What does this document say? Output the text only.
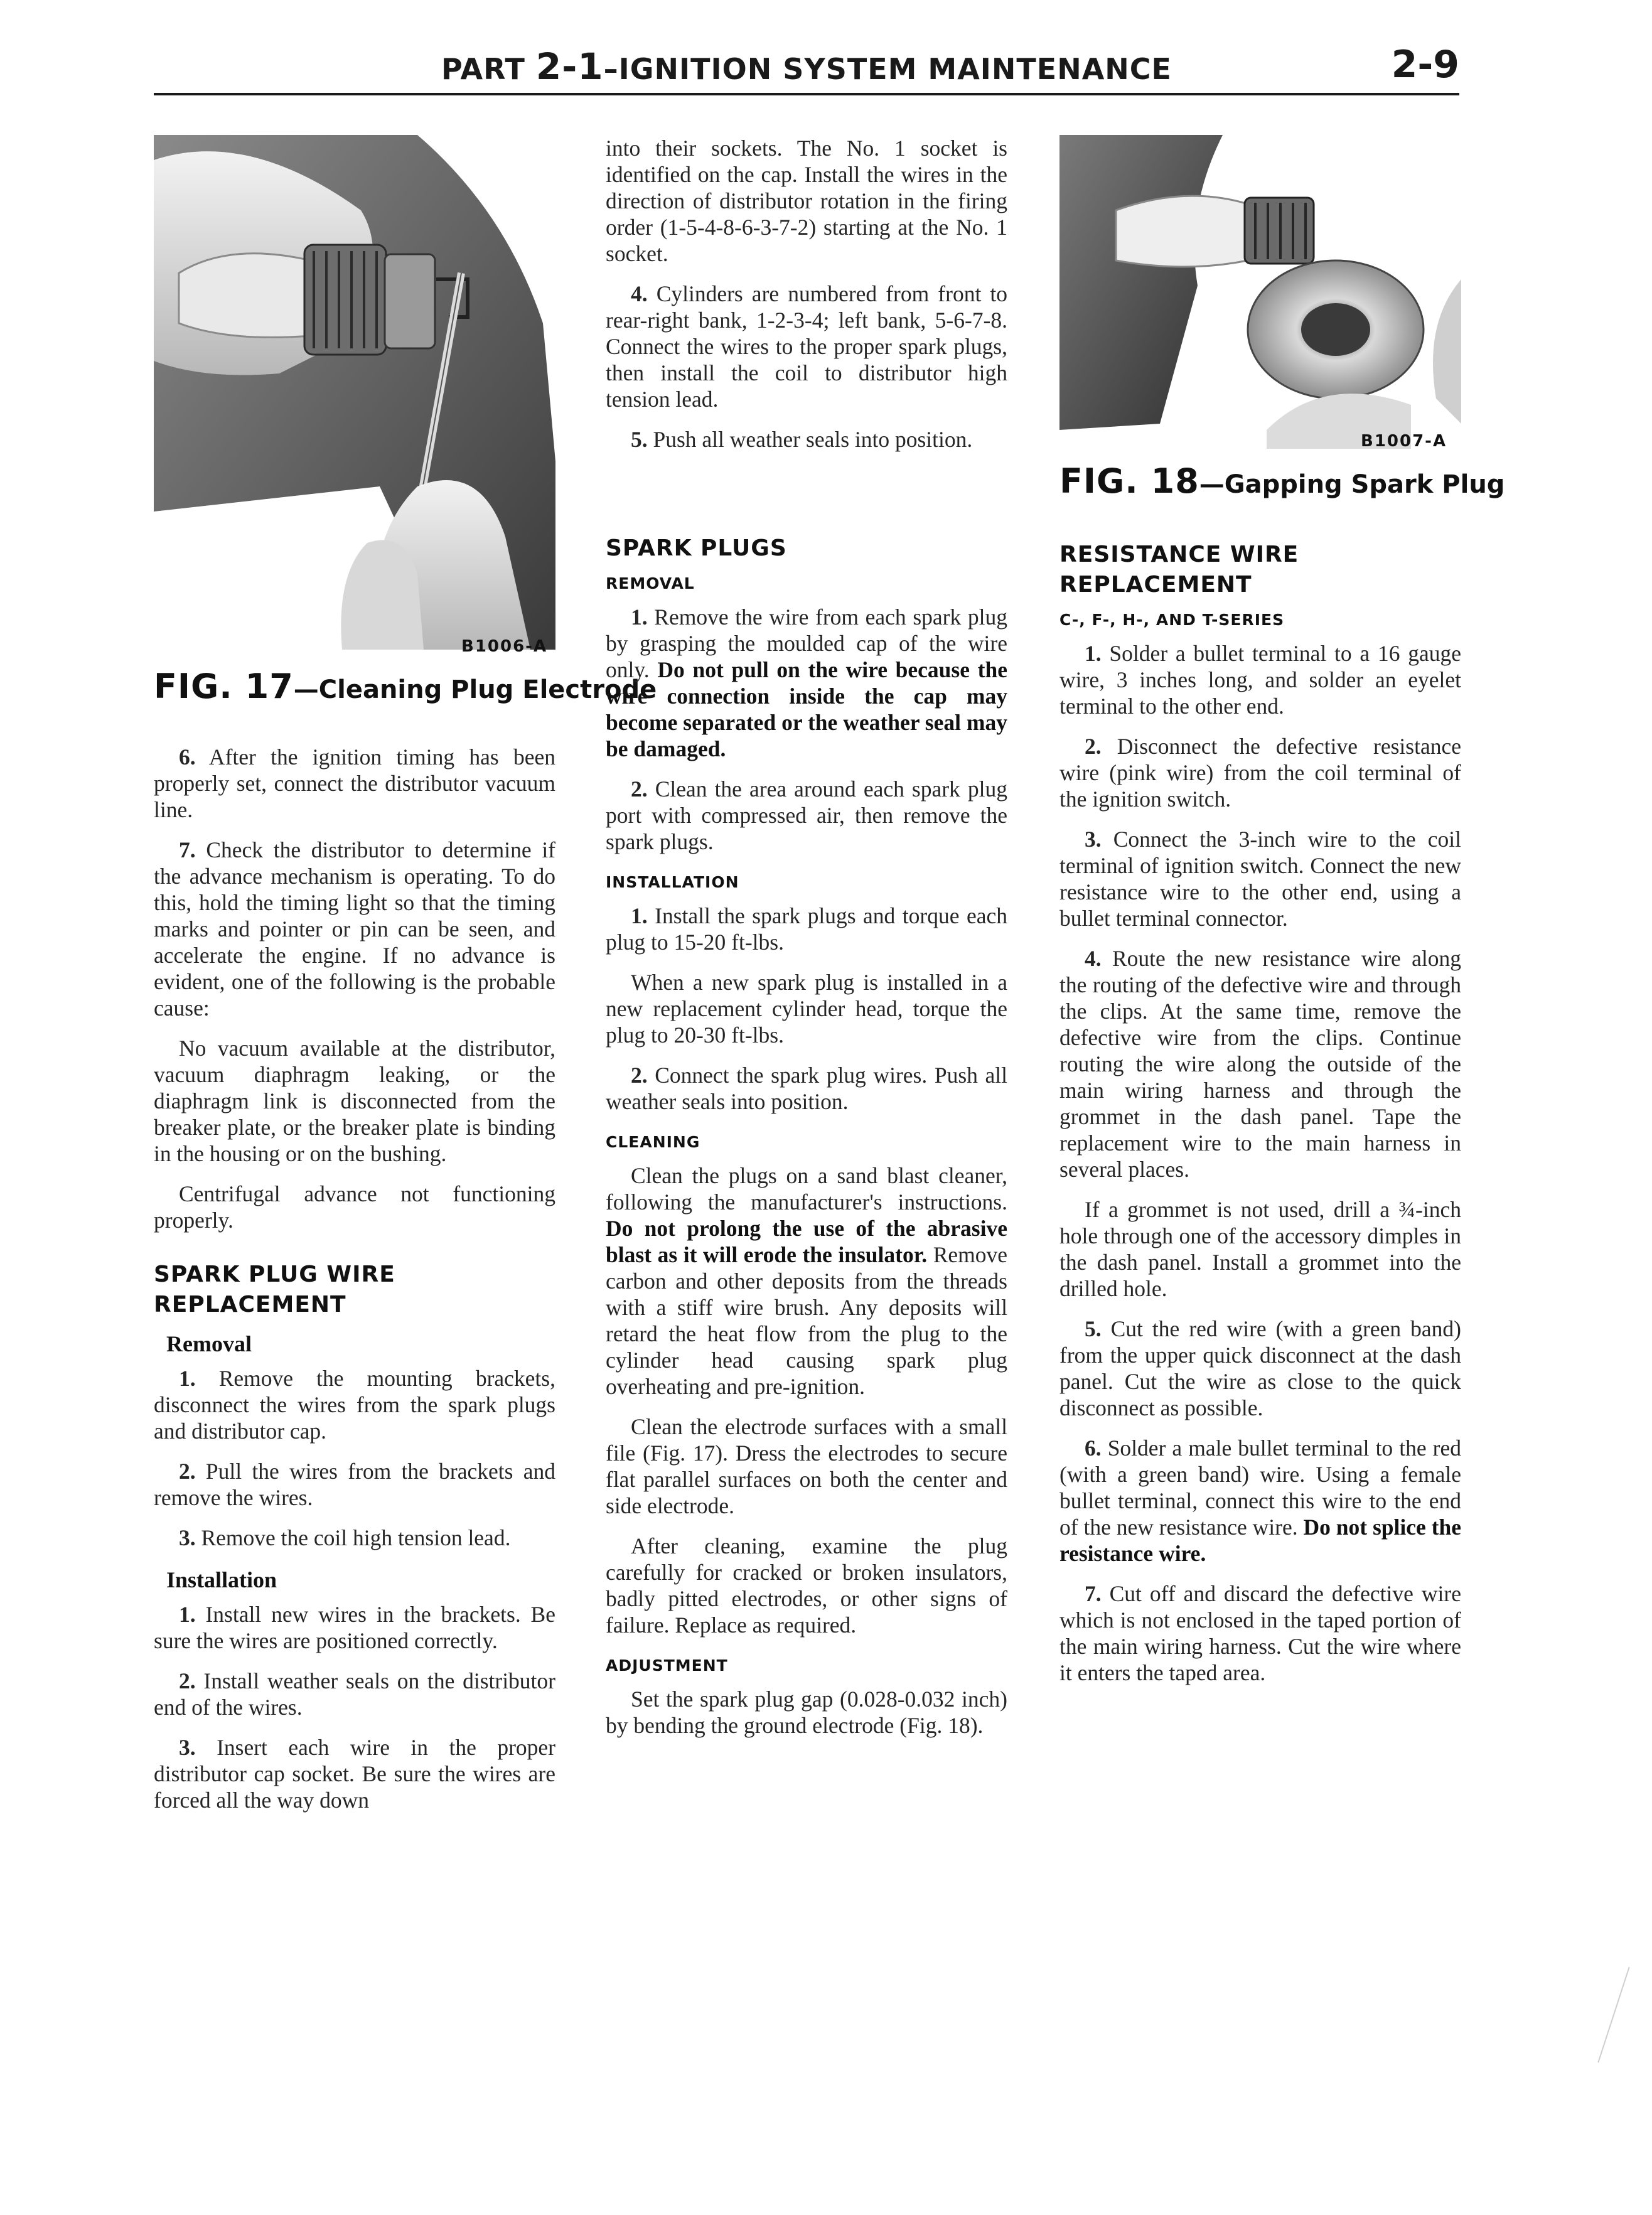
PART 2-1–IGNITION SYSTEM MAINTENANCE	2-9
B1006-A
FIG. 17—Cleaning Plug Electrode
B1007-A
FIG. 18—Gapping Spark Plug

6. After the ignition timing has been properly set, connect the distributor vacuum line.

7. Check the distributor to determine if the advance mechanism is operating. To do this, hold the timing light so that the timing marks and pointer or pin can be seen, and accelerate the engine. If no advance is evident, one of the following is the probable cause:

No vacuum available at the distributor, vacuum diaphragm leaking, or the diaphragm link is disconnected from the breaker plate, or the breaker plate is binding in the housing or on the bushing.

Centrifugal advance not functioning properly.

SPARK PLUG WIRE REPLACEMENT
Removal

1. Remove the mounting brackets, disconnect the wires from the spark plugs and distributor cap.

2. Pull the wires from the brackets and remove the wires.

3. Remove the coil high tension lead.

Installation

1. Install new wires in the brackets. Be sure the wires are positioned correctly.

2. Install weather seals on the distributor end of the wires.

3. Insert each wire in the proper distributor cap socket. Be sure the wires are forced all the way down

into their sockets. The No. 1 socket is identified on the cap. Install the wires in the direction of distributor rotation in the firing order (1-5-4-8-6-3-7-2) starting at the No. 1 socket.

4. Cylinders are numbered from front to rear-right bank, 1-2-3-4; left bank, 5-6-7-8. Connect the wires to the proper spark plugs, then install the coil to distributor high tension lead.

5. Push all weather seals into position.

SPARK PLUGS
REMOVAL

1. Remove the wire from each spark plug by grasping the moulded cap of the wire only. Do not pull on the wire because the wire connection inside the cap may become separated or the weather seal may be damaged.

2. Clean the area around each spark plug port with compressed air, then remove the spark plugs.

INSTALLATION

1. Install the spark plugs and torque each plug to 15-20 ft-lbs.

When a new spark plug is installed in a new replacement cylinder head, torque the plug to 20-30 ft-lbs.

2. Connect the spark plug wires. Push all weather seals into position.

CLEANING

Clean the plugs on a sand blast cleaner, following the manufacturer's instructions. Do not prolong the use of the abrasive blast as it will erode the insulator. Remove carbon and other deposits from the threads with a stiff wire brush. Any deposits will retard the heat flow from the plug to the cylinder head causing spark plug overheating and pre-ignition.

Clean the electrode surfaces with a small file (Fig. 17). Dress the electrodes to secure flat parallel surfaces on both the center and side electrode.

After cleaning, examine the plug carefully for cracked or broken insulators, badly pitted electrodes, or other signs of failure. Replace as required.

ADJUSTMENT

Set the spark plug gap (0.028-0.032 inch) by bending the ground electrode (Fig. 18).

RESISTANCE WIRE REPLACEMENT
C-, F-, H-, AND T-SERIES

1. Solder a bullet terminal to a 16 gauge wire, 3 inches long, and solder an eyelet terminal to the other end.

2. Disconnect the defective resistance wire (pink wire) from the coil terminal of the ignition switch.

3. Connect the 3-inch wire to the coil terminal of ignition switch. Connect the new resistance wire to the other end, using a bullet terminal connector.

4. Route the new resistance wire along the routing of the defective wire and through the clips. At the same time, remove the defective wire from the clips. Continue routing the wire along the outside of the main wiring harness and through the grommet in the dash panel. Tape the replacement wire to the main harness in several places.

If a grommet is not used, drill a ¾-inch hole through one of the accessory dimples in the dash panel. Install a grommet into the drilled hole.

5. Cut the red wire (with a green band) from the upper quick disconnect at the dash panel. Cut the wire as close to the quick disconnect as possible.

6. Solder a male bullet terminal to the red (with a green band) wire. Using a female bullet terminal, connect this wire to the end of the new resistance wire. Do not splice the resistance wire.

7. Cut off and discard the defective wire which is not enclosed in the taped portion of the main wiring harness. Cut the wire where it enters the taped area.
